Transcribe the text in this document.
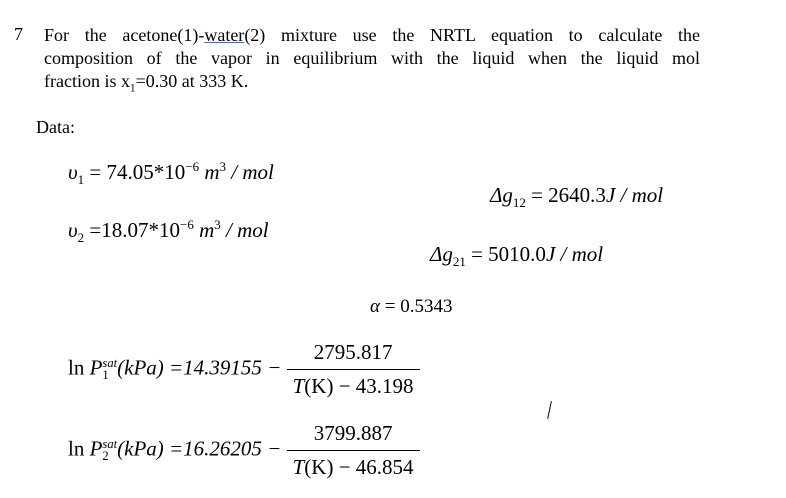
7 For the acetone(1)-water(2) mixture use the NRTL equation to calculate the
composition of the vapor in equilibrium with the liquid when the liquid mol
fraction is $x_1=0.30$ at 333 K.
Data:
$\upsilon_1 = 74.05*10^{-6}$ $m^3$ / mol
$\Delta g_{12} = 2640.3J$ / mol
$\upsilon_2 =18.07*10^{-6}$ $m^3$ / mol
$\Delta g_{21} = 5010.0J$ / mol
α = 0.5343
ln P sat
1 $(kPa) =14.39155 - \frac{2795.817}{T(K) - 43.198}$
ln P sat
2 $(kPa) =16.26205 - \frac{3799.887}{T(K) - 46.854}$
